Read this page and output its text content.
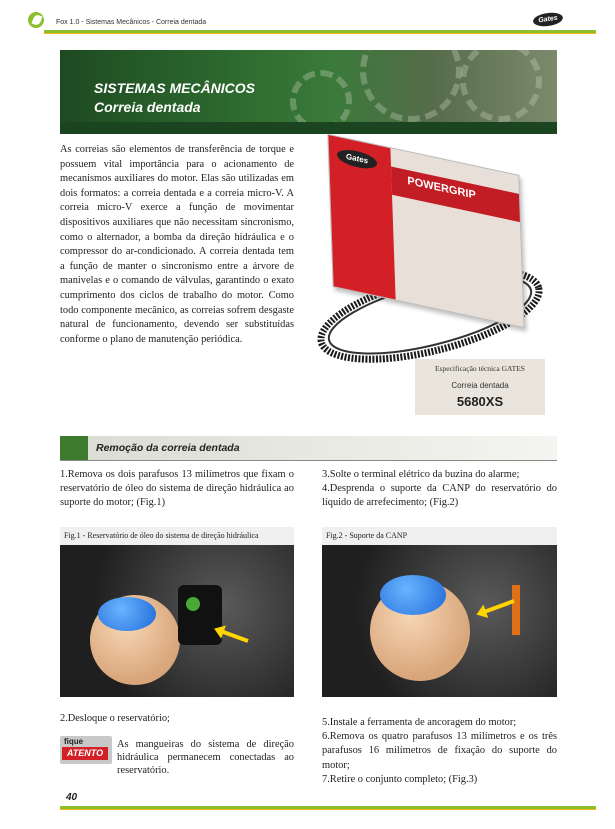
Fox 1.0 - Sistemas Mecânicos - Correia dentada	Gates
SISTEMAS MECÂNICOS
Correia dentada
As correias são elementos de transferência de torque e possuem vital importância para o acionamento de mecanismos auxiliares do motor. Elas são utilizadas em dois formatos: a correia dentada e a correia micro-V. A correia micro-V exerce a função de movimentar dispositivos auxiliares que não necessitam sincronismo, como o alternador, a bomba da direção hidráulica e o compressor do ar-condicionado. A correia dentada tem a função de manter o sincronismo entre a árvore de manivelas e o comando de válvulas, garantindo o exato cumprimento dos ciclos de trabalho do motor. Como todo componente mecânico, as correias sofrem desgaste natural de funcionamento, devendo ser substituídas conforme o plano de manutenção periódica.
Gates
POWERGRIP
Especificação técnica GATES
Correia dentada
5680XS
Remoção da correia dentada
1.Remova os dois parafusos 13 milímetros que fixam o reservatório de óleo do sistema de direção hidráulica ao suporte do motor; (Fig.1)

3.Solte o terminal elétrico da buzina do alarme;

4.Desprenda o suporte da CANP do reservatório do líquido de arrefecimento; (Fig.2)

Fig.1 - Reservatório de óleo do sistema de direção hidráulica	Fig.2 - Suporte da CANP
2.Desloque o reservatório;
fique
ATENTO
As mangueiras do sistema de direção hidráulica permanecem conectadas ao reservatório.

5.Instale a ferramenta de ancoragem do motor;

6.Remova os quatro parafusos 13 milímetros e os três parafusos 16 milímetros de fixação do suporte do motor;

7.Retire o conjunto completo; (Fig.3)

40
